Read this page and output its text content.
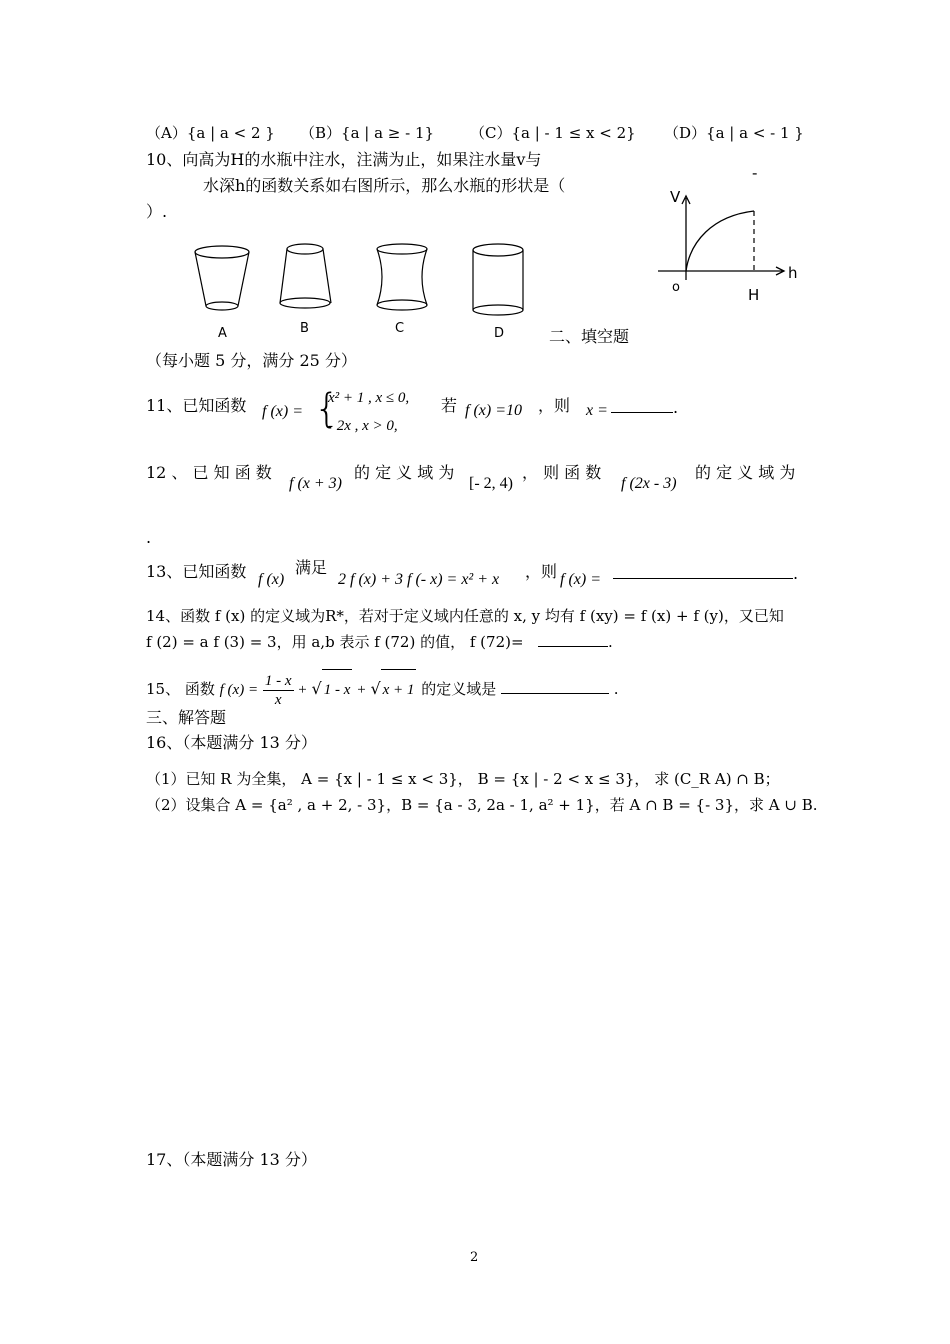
（A）{a | a < 2 } （B）{a | a ≥ - 1} （C）{a | - 1 ≤ x < 2} （D）{a | a < - 1 }
10、向高为H的水瓶中注水，注满为止，如果注水量v与
水深h的函数关系如右图所示，那么水瓶的形状是（
）.
-
V
h
o	H
A	B	C	D	二、填空题
（每小题 5 分，满分 25 分）
11、已知函数 f (x) = {
x² + 1 , x ≤ 0,
- 2x , x > 0,
若 f (x) =10 ，则 x =	.
12 、 已 知 函 数
f (x + 3)
的 定 义 域 为
[- 2, 4)
， 则 函 数
f (2x - 3)
的 定 义 域 为
.
13、已知函数 f (x)
满足
2 f (x) + 3 f (- x) = x² + x ，则 f (x) =	.
14、函数 f (x) 的定义域为R*，若对于定义域内任意的 x, y 均有 f (xy) = f (x) + f (y)，又已知
f (2) = a f (3) = 3，用 a,b 表示 f (72) 的值， f (72)=	.
15、 函数 f $(x) = \frac{1 - x}{x}$ + √ 1 - x + √ x + 1 的定义域是	.
三、解答题
16、（本题满分 13 分）
（1）已知 R 为全集， A = {x | - 1 ≤ x < 3}， B = {x | - 2 < x ≤ 3}， 求 (C_R A) ∩ B；
（2）设集合 A = {a² , a + 2, - 3}，B = {a - 3, 2a - 1, a² + 1}，若 A ∩ B = {- 3}，求 A ∪ B.
17、（本题满分 13 分）
2
